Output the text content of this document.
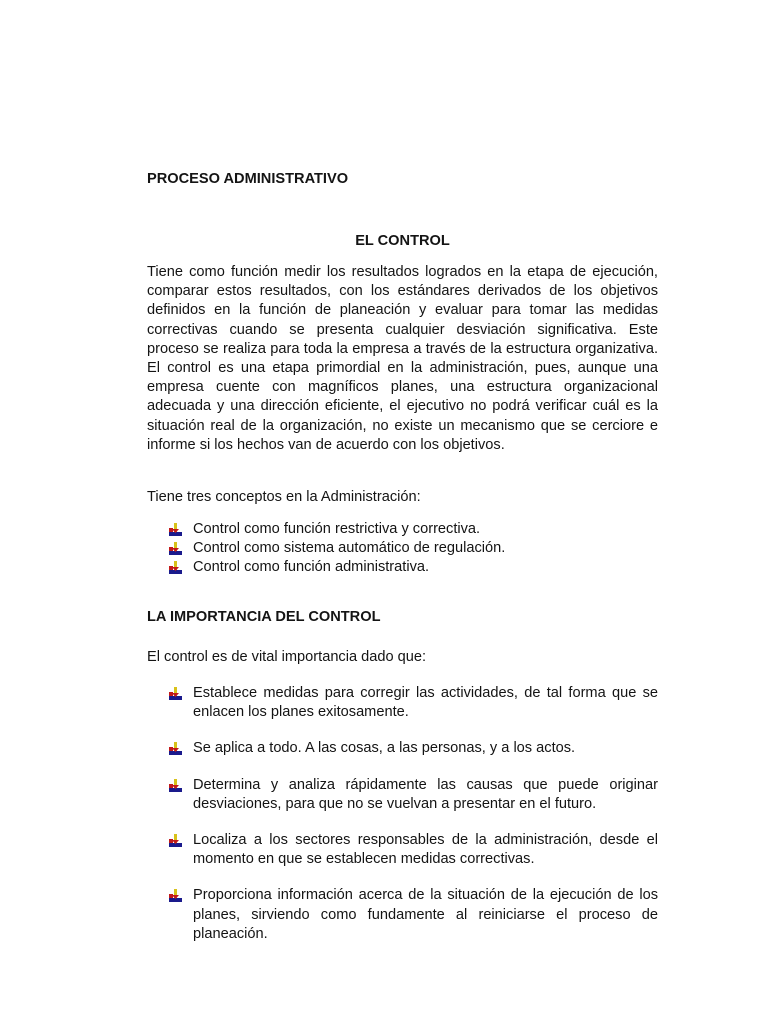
PROCESO ADMINISTRATIVO
EL CONTROL

Tiene como función medir los resultados logrados en la etapa de ejecución, comparar estos resultados, con los estándares derivados de los objetivos definidos en la función de planeación y evaluar para tomar las medidas correctivas cuando se presenta cualquier desviación significativa. Este proceso se realiza para toda la empresa a través de la estructura organizativa. El control es una etapa primordial en la administración, pues, aunque una empresa cuente con magníficos planes, una estructura organizacional adecuada y una dirección eficiente, el ejecutivo no podrá verificar cuál es la situación real de la organización, no existe un mecanismo que se cerciore e informe si los hechos van de acuerdo con los objetivos.

Tiene tres conceptos en la Administración:

Control como función restrictiva y correctiva.
Control como sistema automático de regulación.
Control como función administrativa.
LA IMPORTANCIA DEL CONTROL

El control es de vital importancia dado que:

Establece medidas para corregir las actividades, de tal forma que se enlacen los planes exitosamente.
Se aplica a todo. A las cosas, a las personas, y a los actos.
Determina y analiza rápidamente las causas que puede originar desviaciones, para que no se vuelvan a presentar en el futuro.
Localiza a los sectores responsables de la administración, desde el momento en que se establecen medidas correctivas.
Proporciona información acerca de la situación de la ejecución de los planes, sirviendo como fundamente al reiniciarse el proceso de planeación.
